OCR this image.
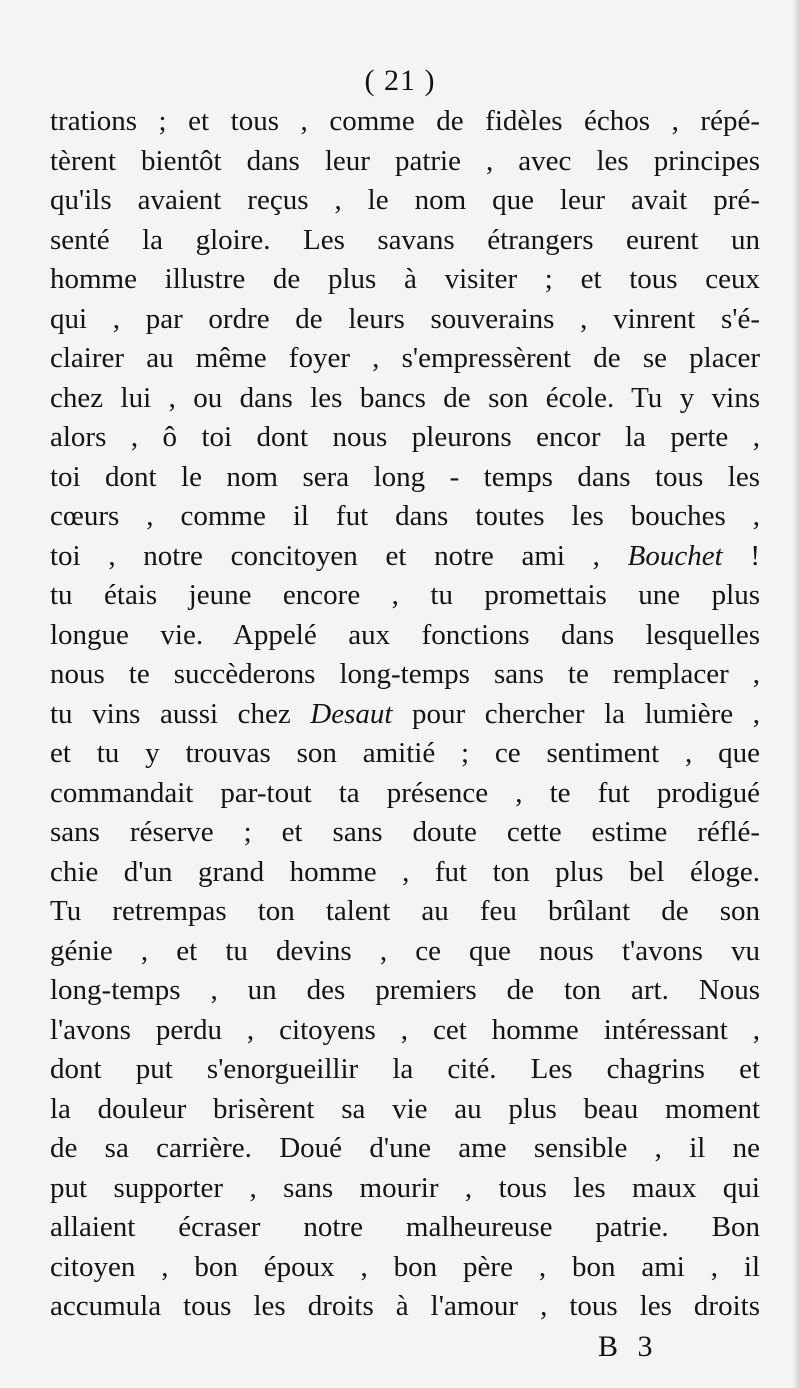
( 21 )
trations ; et tous , comme de fidèles échos , répé-
tèrent bientôt dans leur patrie , avec les principes
qu'ils avaient reçus , le nom que leur avait pré-
senté la gloire. Les savans étrangers eurent un
homme illustre de plus à visiter ; et tous ceux
qui , par ordre de leurs souverains , vinrent s'é-
clairer au même foyer , s'empressèrent de se placer
chez lui , ou dans les bancs de son école. Tu y vins
alors , ô toi dont nous pleurons encor la perte ,
toi dont le nom sera long - temps dans tous les
cœurs , comme il fut dans toutes les bouches ,
toi , notre concitoyen et notre ami , Bouchet !
tu étais jeune encore , tu promettais une plus
longue vie. Appelé aux fonctions dans lesquelles
nous te succèderons long-temps sans te remplacer ,
tu vins aussi chez Desaut pour chercher la lumière ,
et tu y trouvas son amitié ; ce sentiment , que
commandait par-tout ta présence , te fut prodigué
sans réserve ; et sans doute cette estime réflé-
chie d'un grand homme , fut ton plus bel éloge.
Tu retrempas ton talent au feu brûlant de son
génie , et tu devins , ce que nous t'avons vu
long-temps , un des premiers de ton art. Nous
l'avons perdu , citoyens , cet homme intéressant ,
dont put s'enorgueillir la cité. Les chagrins et
la douleur brisèrent sa vie au plus beau moment
de sa carrière. Doué d'une ame sensible , il ne
put supporter , sans mourir , tous les maux qui
allaient écraser notre malheureuse patrie. Bon
citoyen , bon époux , bon père , bon ami , il
accumula tous les droits à l'amour , tous les droits
B 3
